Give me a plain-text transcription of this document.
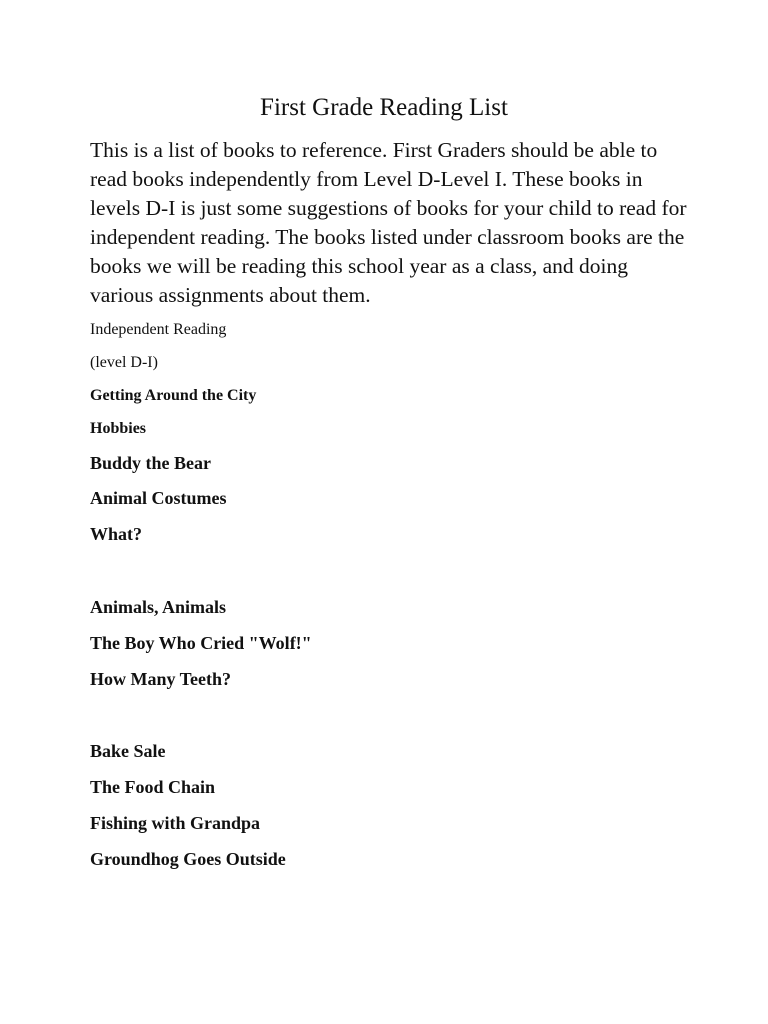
First Grade Reading List

This is a list of books to reference. First Graders should be able to read books independently from Level D-Level I. These books in levels D-I is just some suggestions of books for your child to read for independent reading. The books listed under classroom books are the books we will be reading this school year as a class, and doing various assignments about them.

Independent Reading

(level D-I)

Getting Around the City

Hobbies

Buddy the Bear

Animal Costumes

What?

Animals, Animals

The Boy Who Cried "Wolf!"

How Many Teeth?

Bake Sale

The Food Chain

Fishing with Grandpa

Groundhog Goes Outside
